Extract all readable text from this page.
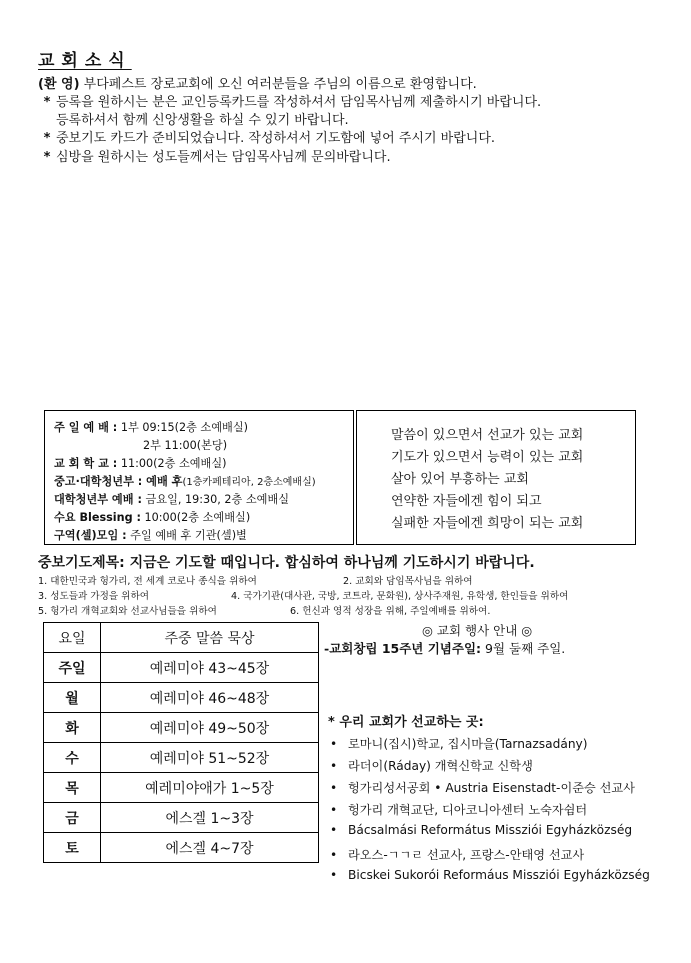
교회소식
(환 영) 부다페스트 장로교회에 오신 여러분들을 주님의 이름으로 환영합니다.
* 등록을 원하시는 분은 교인등록카드를 작성하셔서 담임목사님께 제출하시기 바랍니다.
등록하셔서 함께 신앙생활을 하실 수 있기 바랍니다.
* 중보기도 카드가 준비되었습니다. 작성하셔서 기도함에 넣어 주시기 바랍니다.
* 심방을 원하시는 성도들께서는 담임목사님께 문의바랍니다.
주 일 예 배 : 1부 09:15(2층 소예배실)
2부 11:00(본당)
교 회 학 교 : 11:00(2층 소예배실)
중고·대학청년부 : 예배 후(1층카페테리아, 2층소예배실)
대학청년부 예배 : 금요일, 19:30, 2층 소예배실
수요 Blessing : 10:00(2층 소예배실)
구역(셀)모임 : 주일 예배 후 기관(셀)별
말씀이 있으면서 선교가 있는 교회
기도가 있으면서 능력이 있는 교회
살아 있어 부흥하는 교회
연약한 자들에겐 힘이 되고
실패한 자들에겐 희망이 되는 교회
중보기도제목: 지금은 기도할 때입니다. 합심하여 하나님께 기도하시기 바랍니다.
1. 대한민국과 헝가리, 전 세계 코로나 종식을 위하여	2. 교회와 담임목사님을 위하여
3. 성도들과 가정을 위하여	4. 국가기관(대사관, 국방, 코트라, 문화원), 상사주재원, 유학생, 한인들을 위하여
5. 헝가리 개혁교회와 선교사님들을 위하여	6. 헌신과 영적 성장을 위해, 주일예배를 위하여.
◎ 교회 행사 안내 ◎
-교회창립 15주년 기념주일: 9월 둘째 주일.
요일	주중 말씀 묵상
주일	예레미야 43~45장
월	예레미야 46~48장
화	예레미야 49~50장
수	예레미야 51~52장
목	예레미야애가 1~5장
금	에스겔 1~3장
토	에스겔 4~7장
* 우리 교회가 선교하는 곳:
• 로마니(집시)학교, 집시마을(Tarnazsadány)
• 라더이(Ráday) 개혁신학교 신학생
• 헝가리성서공회 • Austria Eisenstadt-이준승 선교사
• 헝가리 개혁교단, 디아코니아센터 노숙자쉼터
• Bácsalmási Református Missziói Egyházközség
• 라오스-ㄱㄱㄹ 선교사, 프랑스-안태영 선교사
• Bicskei Sukorói Reformáus Missziói Egyházközség
